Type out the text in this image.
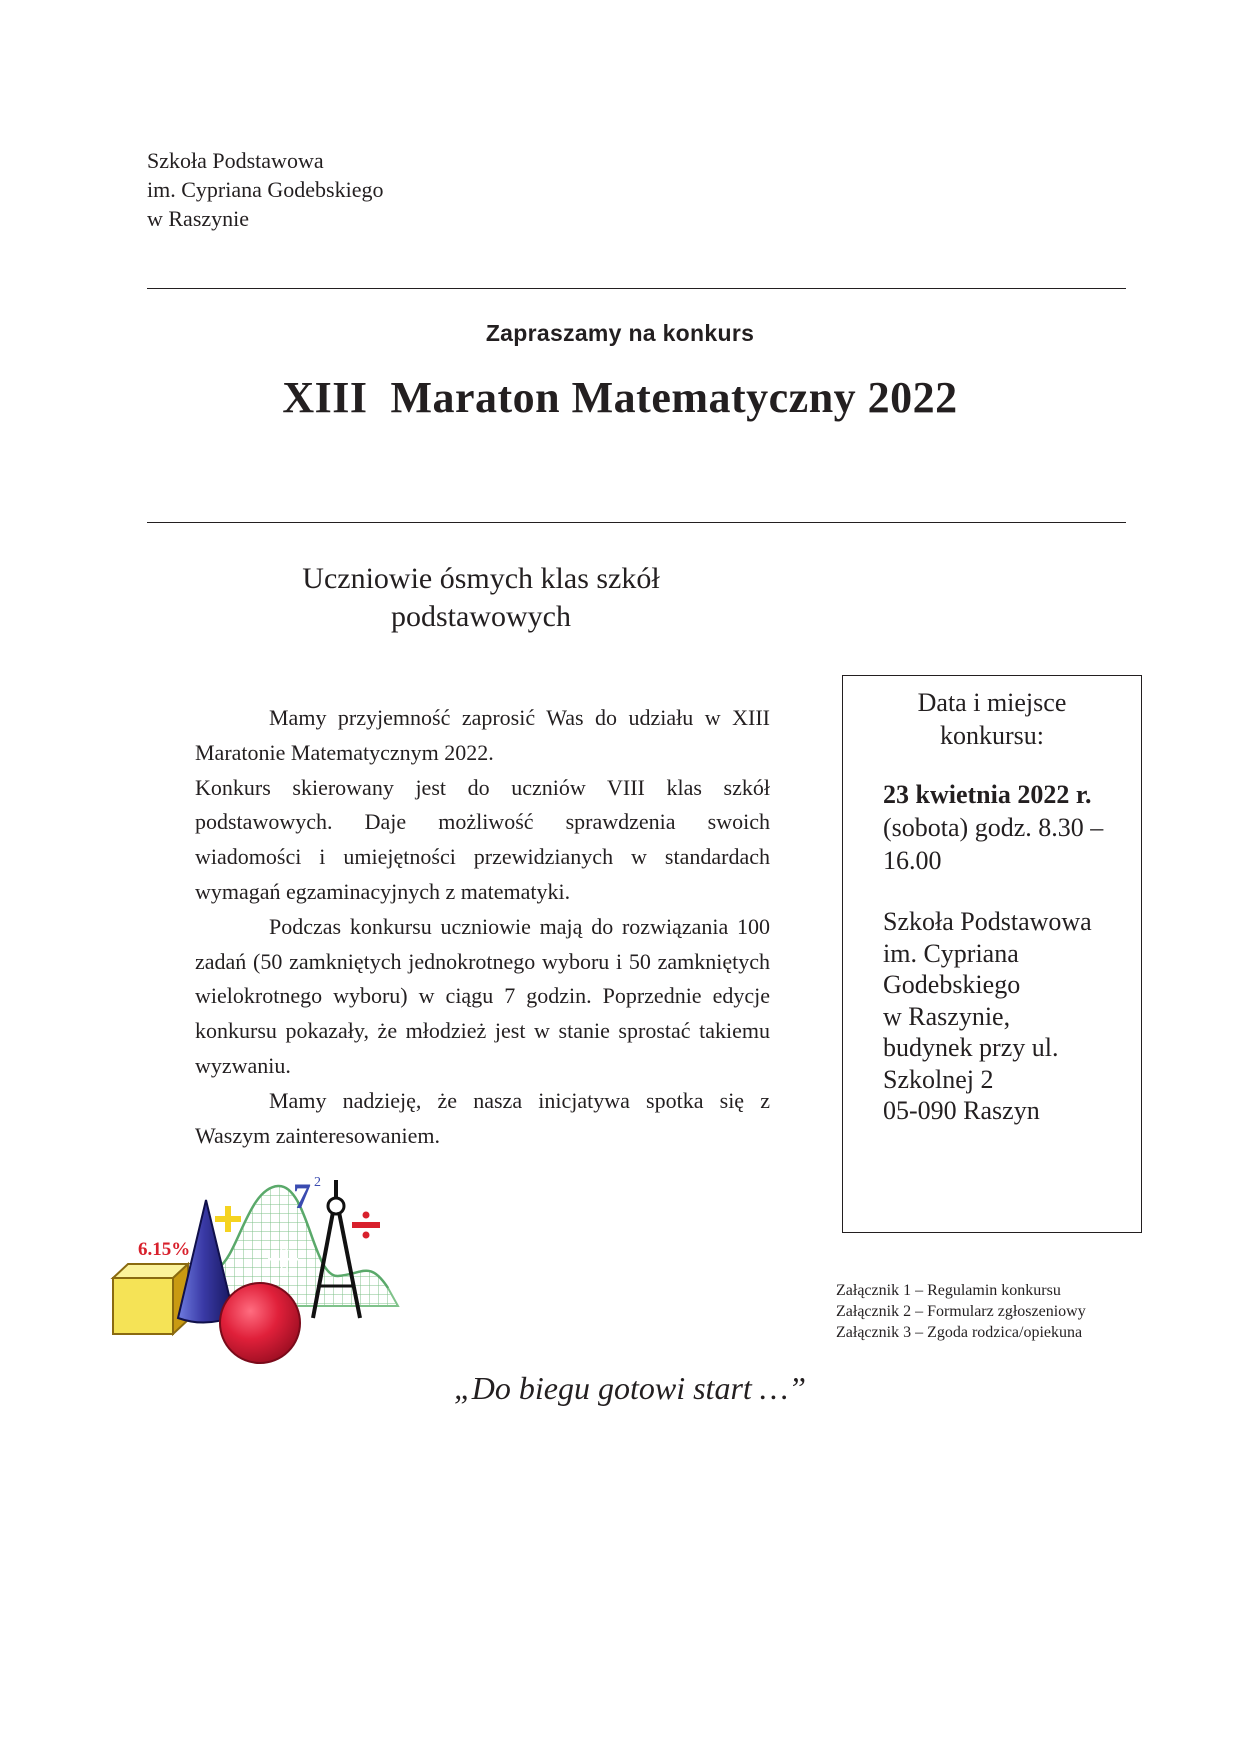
Szkoła Podstawowa
im. Cypriana Godebskiego
w Raszynie
Zapraszamy na konkurs
XIII  Maraton Matematyczny 2022
Uczniowie ósmych klas szkół
podstawowych

Mamy przyjemność zaprosić Was do udziału w XIII Maratonie Matematycznym 2022.

Konkurs skierowany jest do uczniów VIII klas szkół podstawowych. Daje możliwość sprawdzenia swoich wiadomości i umiejętności przewidzianych w standardach wymagań egzaminacyjnych z matematyki.

Podczas konkursu uczniowie mają do rozwiązania 100 zadań (50 zamkniętych jednokrotnego wyboru i 50 zamkniętych wielokrotnego wyboru) w ciągu 7 godzin. Poprzednie edycje konkursu pokazały, że młodzież jest w stanie sprostać takiemu wyzwaniu.

Mamy nadzieję, że nasza inicjatywa spotka się z Waszym zainteresowaniem.

Data i miejsce
konkursu:
23 kwietnia 2022 r.
(sobota) godz. 8.30 – 16.00
Szkoła Podstawowa
im. Cypriana
Godebskiego
w Raszynie,
budynek przy ul.
Szkolnej 2
05-090 Raszyn
Załącznik 1 – Regulamin konkursu
Załącznik 2 – Formularz zgłoszeniowy
Załącznik 3 – Zgoda rodzica/opiekuna
6.15%
7 2
4
3
„Do biegu gotowi start …”
